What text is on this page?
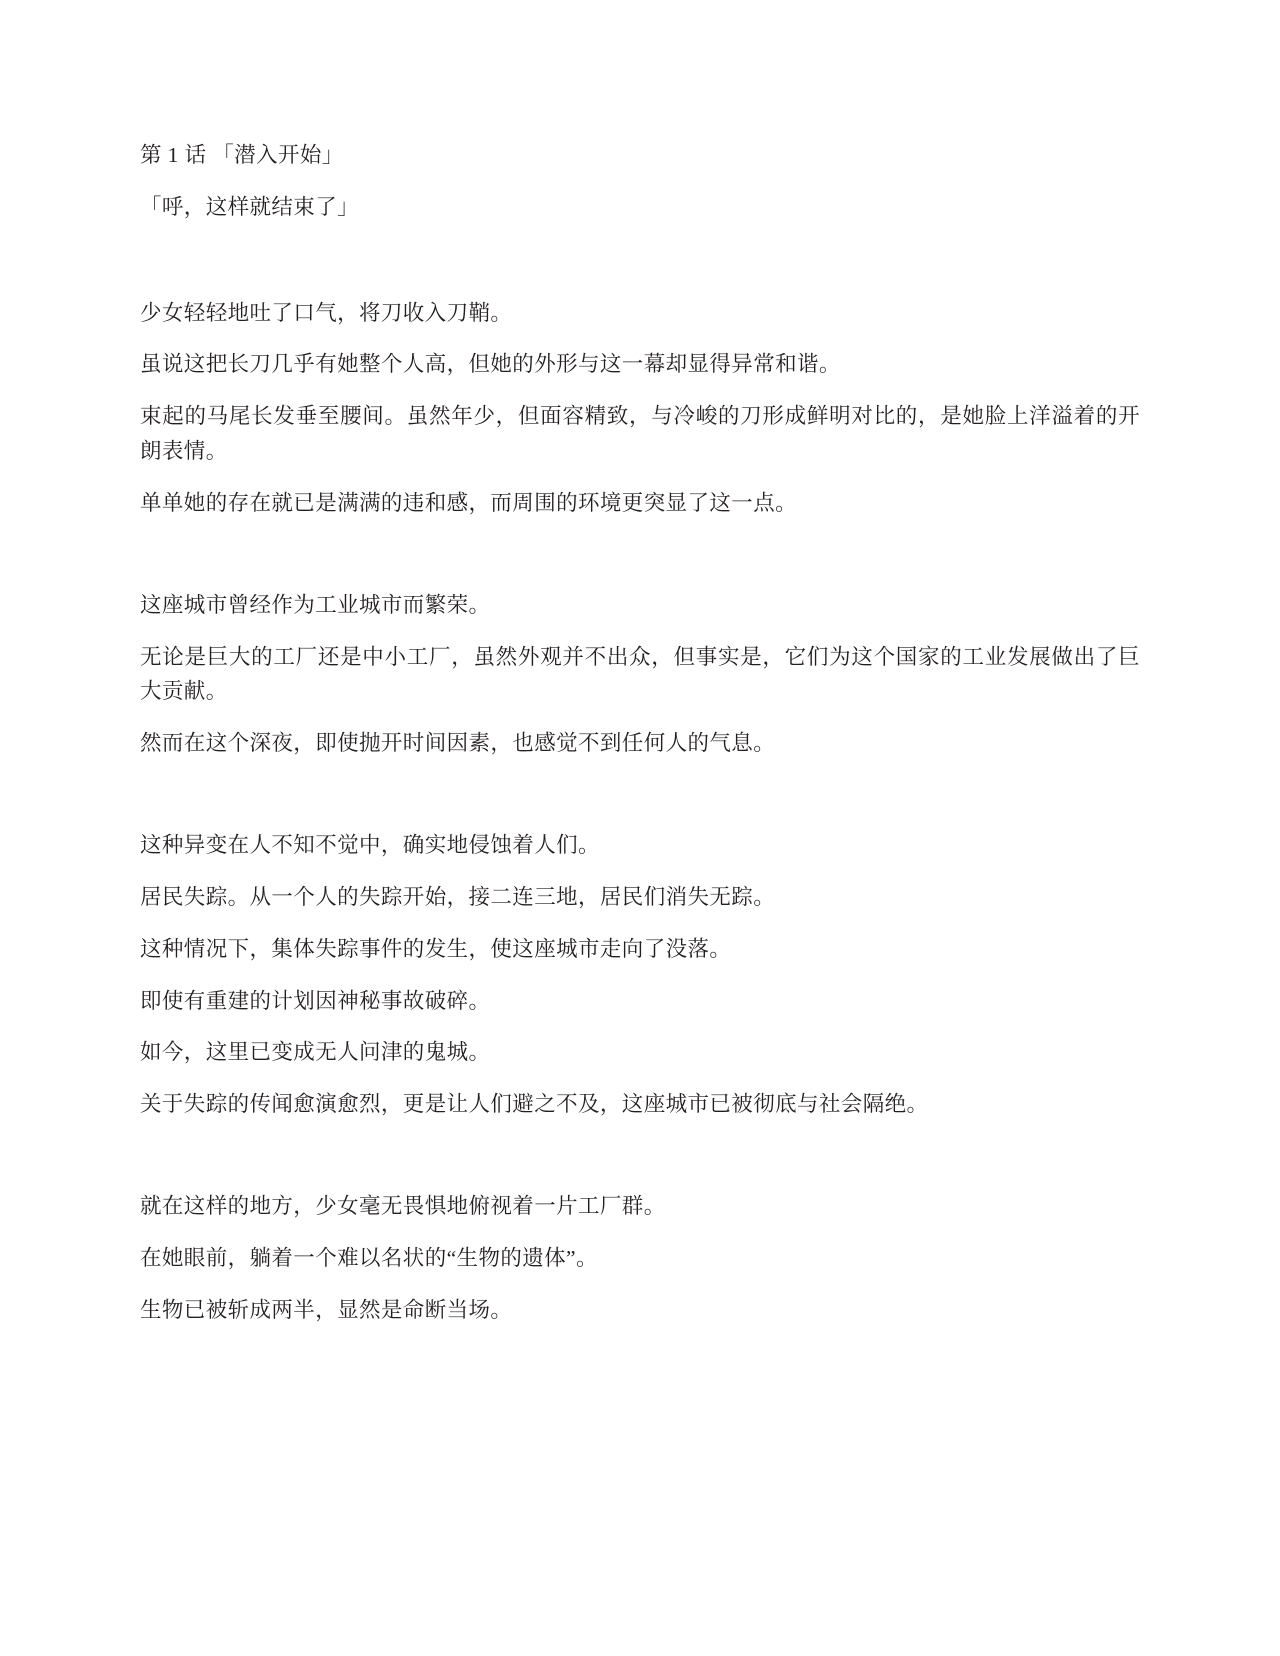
第 1 话 「潜入开始」

「呼，这样就结束了」

少女轻轻地吐了口气，将刀收入刀鞘。

虽说这把长刀几乎有她整个人高，但她的外形与这一幕却显得异常和谐。

束起的马尾长发垂至腰间。虽然年少，但面容精致，与冷峻的刀形成鲜明对比的，是她脸上洋溢着的开朗表情。

单单她的存在就已是满满的违和感，而周围的环境更突显了这一点。

这座城市曾经作为工业城市而繁荣。

无论是巨大的工厂还是中小工厂，虽然外观并不出众，但事实是，它们为这个国家的工业发展做出了巨大贡献。

然而在这个深夜，即使抛开时间因素，也感觉不到任何人的气息。

这种异变在人不知不觉中，确实地侵蚀着人们。

居民失踪。从一个人的失踪开始，接二连三地，居民们消失无踪。

这种情况下，集体失踪事件的发生，使这座城市走向了没落。

即使有重建的计划因神秘事故破碎。

如今，这里已变成无人问津的鬼城。

关于失踪的传闻愈演愈烈，更是让人们避之不及，这座城市已被彻底与社会隔绝。

就在这样的地方，少女毫无畏惧地俯视着一片工厂群。

在她眼前，躺着一个难以名状的“生物的遗体”。

生物已被斩成两半，显然是命断当场。
